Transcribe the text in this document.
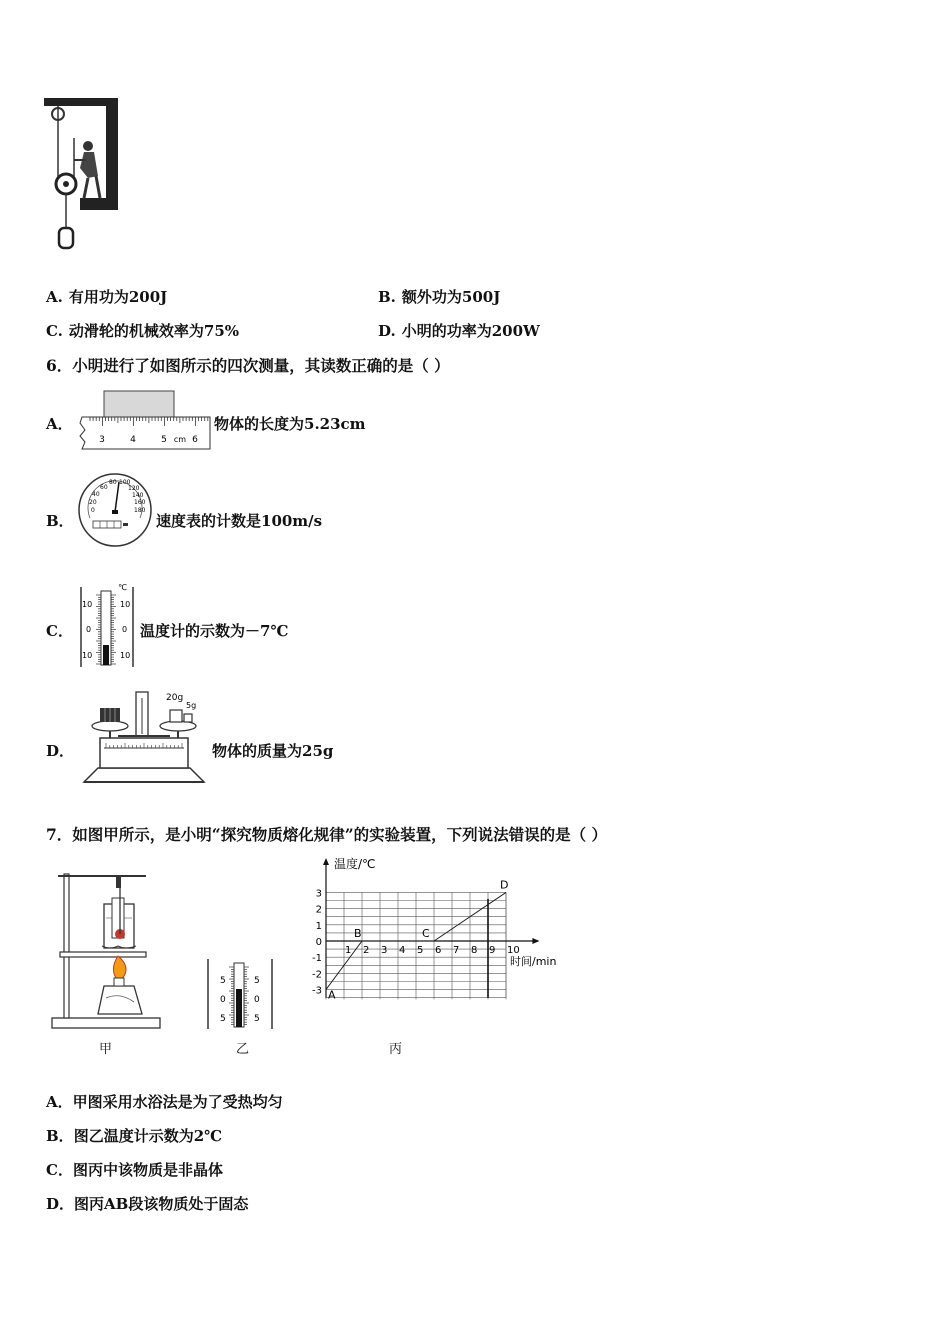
A. 有用功为200J	B. 额外功为500J
C. 动滑轮的机械效率为75%	D. 小明的功率为200W
6．小明进行了如图所示的四次测量，其读数正确的是（ ）
A．
3	4	5 cm 6
物体的长度为5.23cm
B．
60
80 100
120
40	140
20	160
0	180
速度表的计数是100m/s
C．
℃
10
0
10
10
0
10
温度计的示数为－7℃
D．
20g
5g
物体的质量为25g
7．如图甲所示，是小明“探究物质熔化规律”的实验装置，下列说法错误的是（ ）
甲
5
0
5
5
0
5
乙
3
2
1
0
-1
-2
-3
1 2 3 4 5 6 7 8 9 10
A
B	C
D
温度/℃
时间/min
丙
A．甲图采用水浴法是为了受热均匀
B．图乙温度计示数为2℃
C．图丙中该物质是非晶体
D．图丙AB段该物质处于固态
